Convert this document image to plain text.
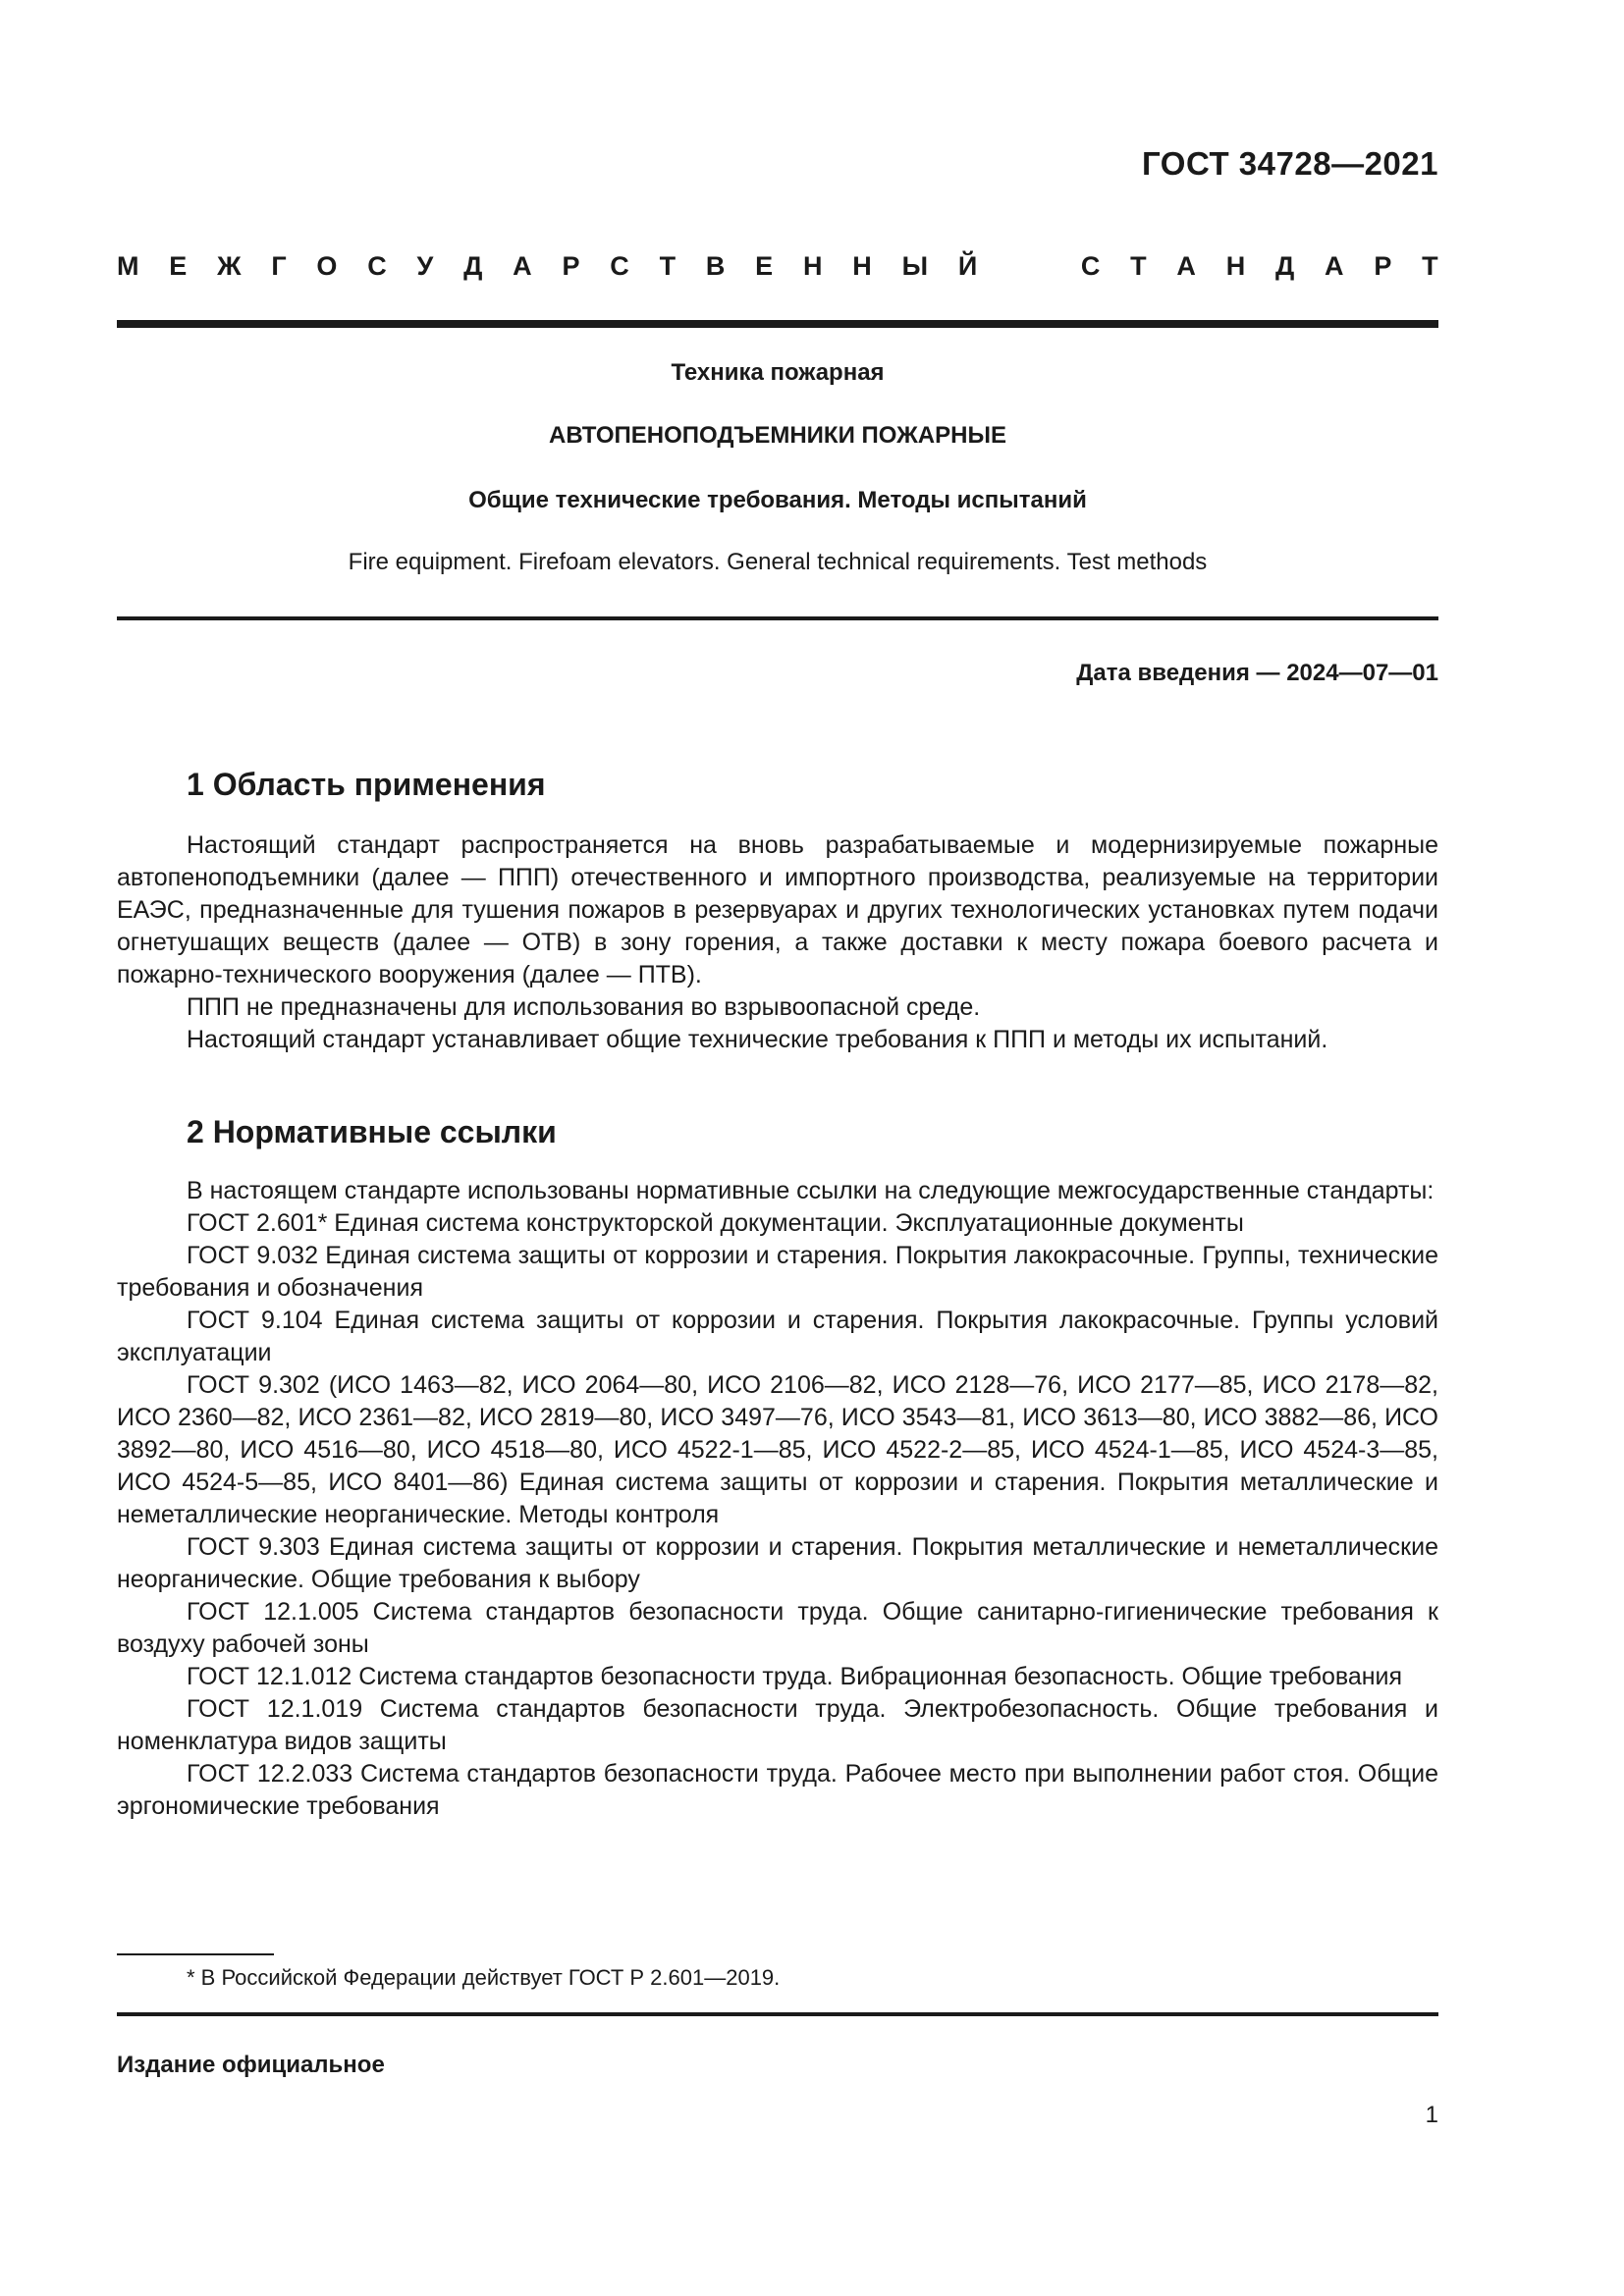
ГОСТ 34728—2021
М Е Ж Г О С У Д А Р С Т В Е Н Н Ы Й	С Т А Н Д А Р Т
Техника пожарная
АВТОПЕНОПОДЪЕМНИКИ ПОЖАРНЫЕ
Общие технические требования. Методы испытаний
Fire equipment. Firefoam elevators. General technical requirements. Test methods
Дата введения — 2024—07—01
1 Область применения

Настоящий стандарт распространяется на вновь разрабатываемые и модернизируемые пожарные автопеноподъемники (далее — ППП) отечественного и импортного производства, реализуемые на территории ЕАЭС, предназначенные для тушения пожаров в резервуарах и других технологических установках путем подачи огнетушащих веществ (далее — ОТВ) в зону горения, а также доставки к месту пожара боевого расчета и пожарно-технического вооружения (далее — ПТВ).

ППП не предназначены для использования во взрывоопасной среде.

Настоящий стандарт устанавливает общие технические требования к ППП и методы их испытаний.

2 Нормативные ссылки

В настоящем стандарте использованы нормативные ссылки на следующие межгосударственные стандарты:

ГОСТ 2.601* Единая система конструкторской документации. Эксплуатационные документы

ГОСТ 9.032 Единая система защиты от коррозии и старения. Покрытия лакокрасочные. Группы, технические требования и обозначения

ГОСТ 9.104 Единая система защиты от коррозии и старения. Покрытия лакокрасочные. Группы условий эксплуатации

ГОСТ 9.302 (ИСО 1463—82, ИСО 2064—80, ИСО 2106—82, ИСО 2128—76, ИСО 2177—85, ИСО 2178—82, ИСО 2360—82, ИСО 2361—82, ИСО 2819—80, ИСО 3497—76, ИСО 3543—81, ИСО 3613—80, ИСО 3882—86, ИСО 3892—80, ИСО 4516—80, ИСО 4518—80, ИСО 4522-1—85, ИСО 4522-2—85, ИСО 4524-1—85, ИСО 4524-3—85, ИСО 4524-5—85, ИСО 8401—86) Единая система защиты от коррозии и старения. Покрытия металлические и неметаллические неорганические. Методы контроля

ГОСТ 9.303 Единая система защиты от коррозии и старения. Покрытия металлические и неметаллические неорганические. Общие требования к выбору

ГОСТ 12.1.005 Система стандартов безопасности труда. Общие санитарно-гигиенические требования к воздуху рабочей зоны

ГОСТ 12.1.012 Система стандартов безопасности труда. Вибрационная безопасность. Общие требования

ГОСТ 12.1.019 Система стандартов безопасности труда. Электробезопасность. Общие требования и номенклатура видов защиты

ГОСТ 12.2.033 Система стандартов безопасности труда. Рабочее место при выполнении работ стоя. Общие эргономические требования

* В Российской Федерации действует ГОСТ Р 2.601—2019.
Издание официальное
1
